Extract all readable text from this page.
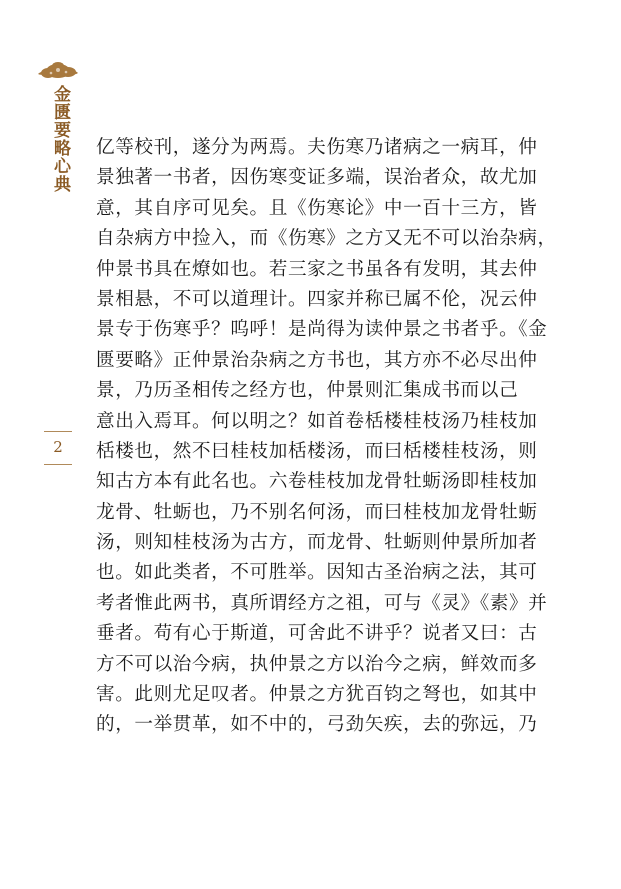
金匮要略心典
2
亿等校刊，遂分为两焉。夫伤寒乃诸病之一病耳，仲
景独著一书者，因伤寒变证多端，误治者众，故尤加
意，其自序可见矣。且《伤寒论》中一百十三方，皆
自杂病方中捡入，而《伤寒》之方又无不可以治杂病，
仲景书具在燎如也。若三家之书虽各有发明，其去仲
景相悬，不可以道理计。四家并称已属不伦，况云仲
景专于伤寒乎？呜呼！是尚得为读仲景之书者乎。《金
匮要略》正仲景治杂病之方书也，其方亦不必尽出仲
景，乃历圣相传之经方也，仲景则汇集成书而以己
意出入焉耳。何以明之？如首卷栝楼桂枝汤乃桂枝加
栝楼也，然不曰桂枝加栝楼汤，而曰栝楼桂枝汤，则
知古方本有此名也。六卷桂枝加龙骨牡蛎汤即桂枝加
龙骨、牡蛎也，乃不别名何汤，而曰桂枝加龙骨牡蛎
汤，则知桂枝汤为古方，而龙骨、牡蛎则仲景所加者
也。如此类者，不可胜举。因知古圣治病之法，其可
考者惟此两书，真所谓经方之祖，可与《灵》《素》并
垂者。苟有心于斯道，可舍此不讲乎？说者又曰：古
方不可以治今病，执仲景之方以治今之病，鲜效而多
害。此则尤足叹者。仲景之方犹百钧之弩也，如其中
的，一举贯革，如不中的，弓劲矢疾，去的弥远，乃
